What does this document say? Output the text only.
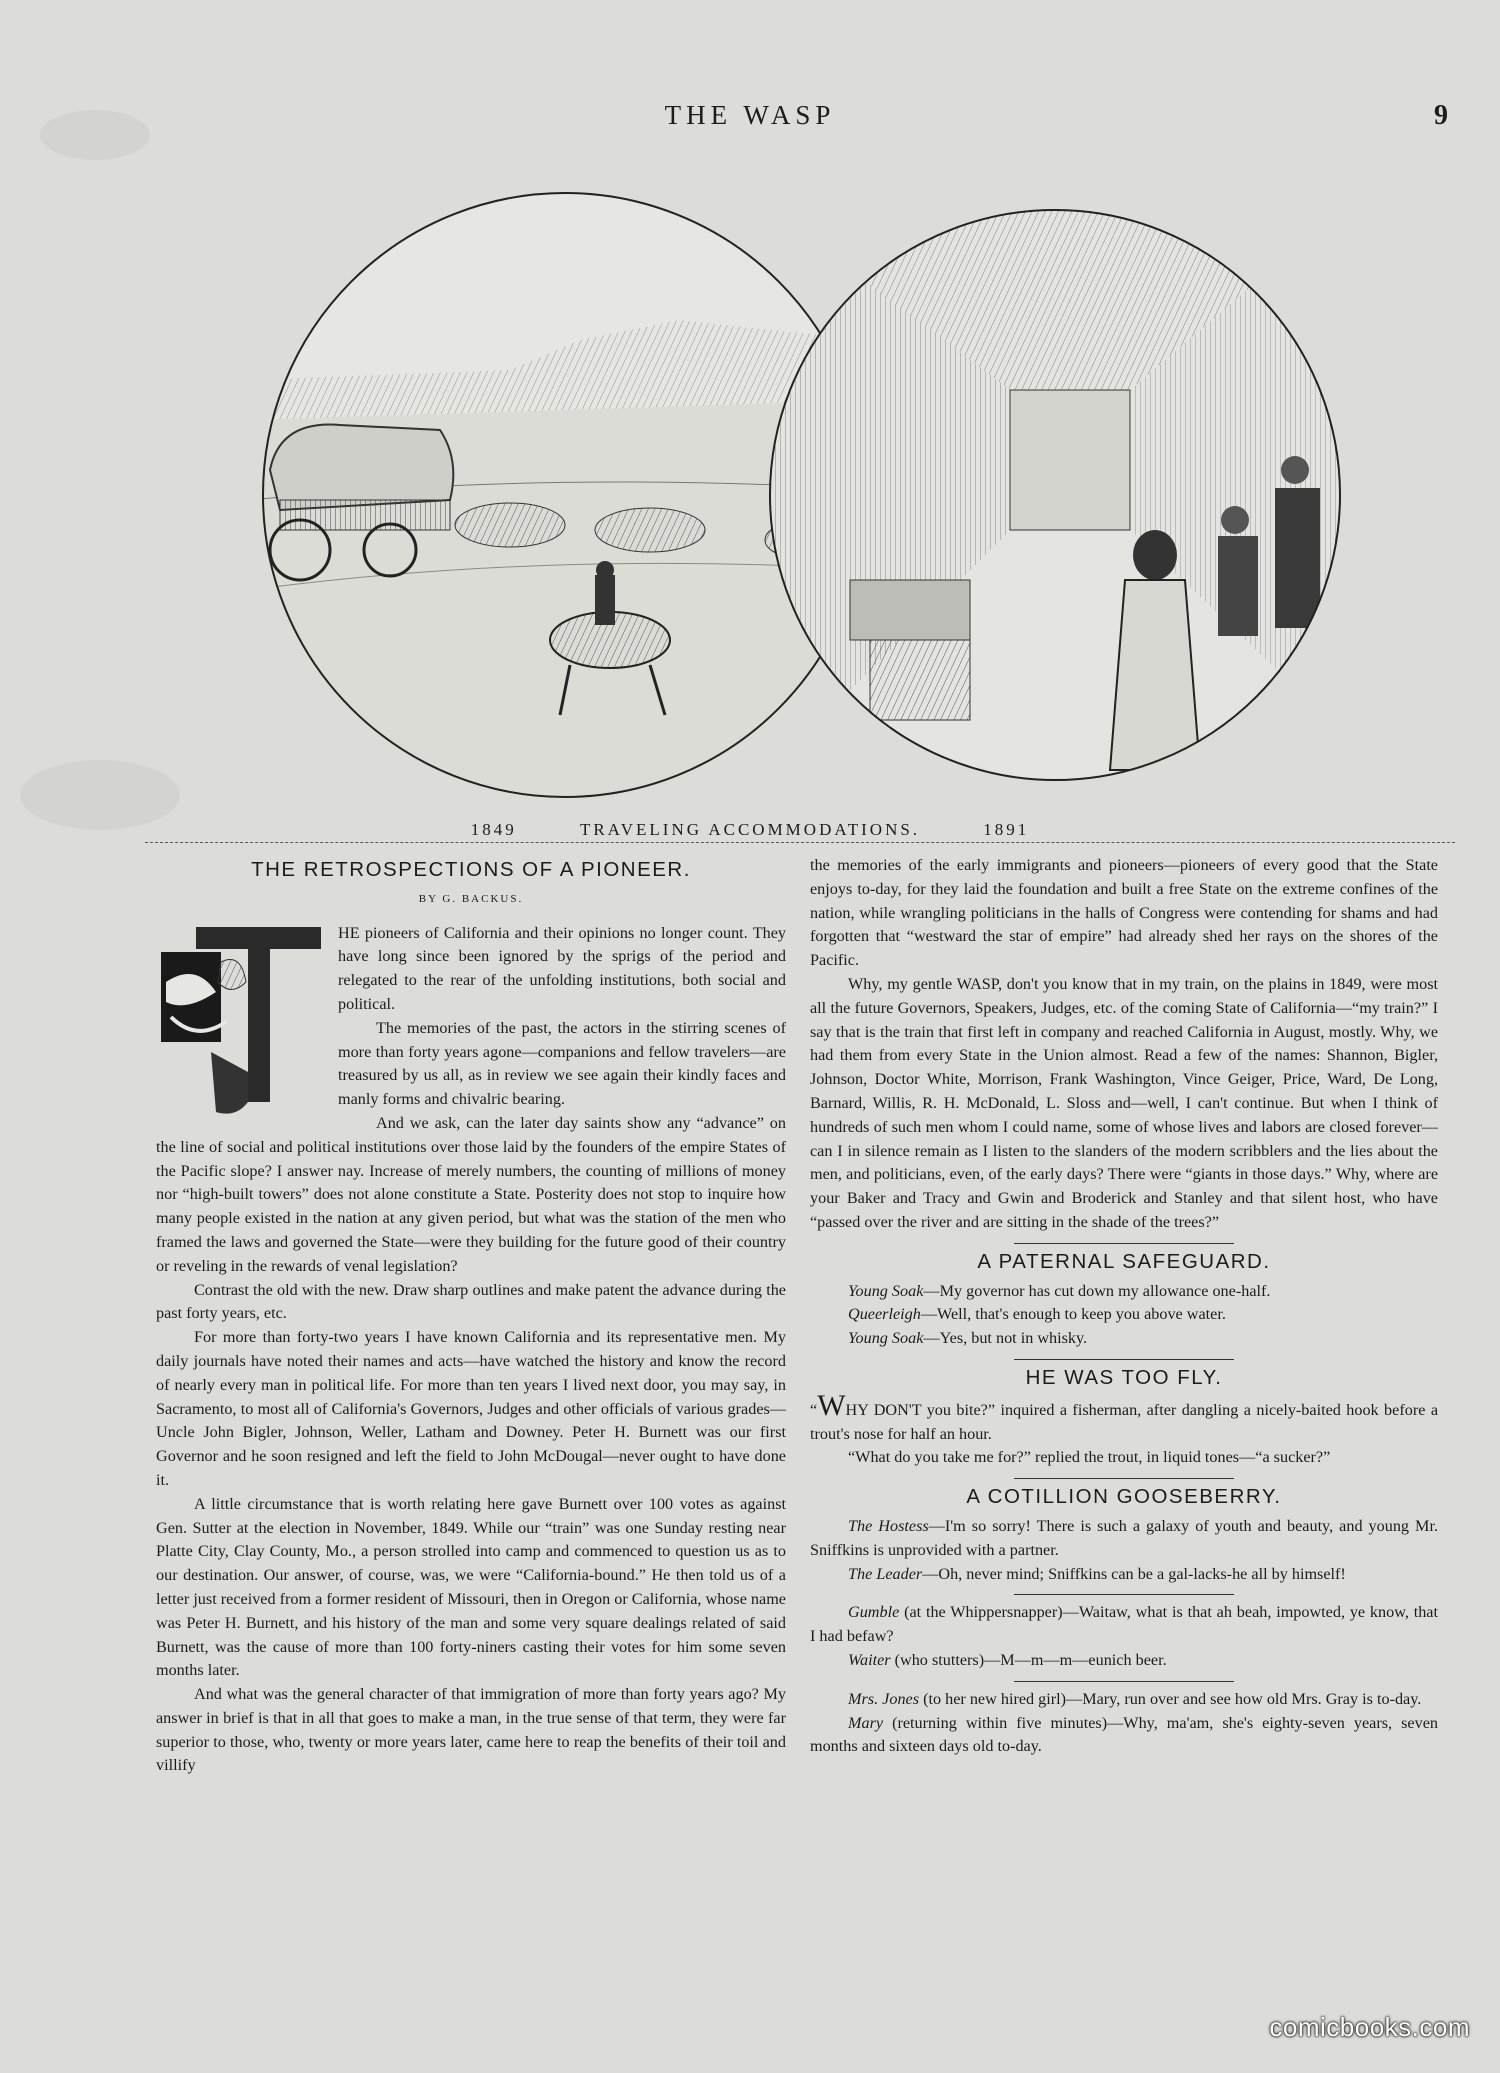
THE WASP	9
1849	TRAVELING ACCOMMODATIONS.	1891
THE RETROSPECTIONS OF A PIONEER.
BY G. BACKUS.

HE pioneers of California and their opinions no longer count. They have long since been ignored by the sprigs of the period and relegated to the rear of the unfolding institutions, both social and political.

The memories of the past, the actors in the stirring scenes of more than forty years agone—companions and fellow travelers—are treasured by us all, as in review we see again their kindly faces and manly forms and chivalric bearing.

And we ask, can the later day saints show any “advance” on the line of social and political institutions over those laid by the founders of the empire States of the Pacific slope? I answer nay. Increase of merely numbers, the counting of millions of money nor “high-built towers” does not alone constitute a State. Posterity does not stop to inquire how many people existed in the nation at any given period, but what was the station of the men who framed the laws and governed the State—were they building for the future good of their country or reveling in the rewards of venal legislation?

Contrast the old with the new. Draw sharp outlines and make patent the advance during the past forty years, etc.

For more than forty-two years I have known California and its representative men. My daily journals have noted their names and acts—have watched the history and know the record of nearly every man in political life. For more than ten years I lived next door, you may say, in Sacramento, to most all of California's Governors, Judges and other officials of various grades—Uncle John Bigler, Johnson, Weller, Latham and Downey. Peter H. Burnett was our first Governor and he soon resigned and left the field to John McDougal—never ought to have done it.

A little circumstance that is worth relating here gave Burnett over 100 votes as against Gen. Sutter at the election in November, 1849. While our “train” was one Sunday resting near Platte City, Clay County, Mo., a person strolled into camp and commenced to question us as to our destination. Our answer, of course, was, we were “California-bound.” He then told us of a letter just received from a former resident of Missouri, then in Oregon or California, whose name was Peter H. Burnett, and his history of the man and some very square dealings related of said Burnett, was the cause of more than 100 forty-niners casting their votes for him some seven months later.

And what was the general character of that immigration of more than forty years ago? My answer in brief is that in all that goes to make a man, in the true sense of that term, they were far superior to those, who, twenty or more years later, came here to reap the benefits of their toil and villify

the memories of the early immigrants and pioneers—pioneers of every good that the State enjoys to-day, for they laid the foundation and built a free State on the extreme confines of the nation, while wrangling politicians in the halls of Congress were contending for shams and had forgotten that “westward the star of empire” had already shed her rays on the shores of the Pacific.

Why, my gentle WASP, don't you know that in my train, on the plains in 1849, were most all the future Governors, Speakers, Judges, etc. of the coming State of California—“my train?” I say that is the train that first left in company and reached California in August, mostly. Why, we had them from every State in the Union almost. Read a few of the names: Shannon, Bigler, Johnson, Doctor White, Morrison, Frank Washington, Vince Geiger, Price, Ward, De Long, Barnard, Willis, R. H. McDonald, L. Sloss and—well, I can't continue. But when I think of hundreds of such men whom I could name, some of whose lives and labors are closed forever—can I in silence remain as I listen to the slanders of the modern scribblers and the lies about the men, and politicians, even, of the early days? There were “giants in those days.” Why, where are your Baker and Tracy and Gwin and Broderick and Stanley and that silent host, who have “passed over the river and are sitting in the shade of the trees?”

A PATERNAL SAFEGUARD.

Young Soak—My governor has cut down my allowance one-half.

Queerleigh—Well, that's enough to keep you above water.

Young Soak—Yes, but not in whisky.

HE WAS TOO FLY.

“WHY DON'T you bite?” inquired a fisherman, after dangling a nicely-baited hook before a trout's nose for half an hour.

“What do you take me for?” replied the trout, in liquid tones—“a sucker?”

A COTILLION GOOSEBERRY.

The Hostess—I'm so sorry! There is such a galaxy of youth and beauty, and young Mr. Sniffkins is unprovided with a partner.

The Leader—Oh, never mind; Sniffkins can be a gal-lacks-he all by himself!

Gumble (at the Whippersnapper)—Waitaw, what is that ah beah, impowted, ye know, that I had befaw?

Waiter (who stutters)—M—m—m—eunich beer.

Mrs. Jones (to her new hired girl)—Mary, run over and see how old Mrs. Gray is to-day.

Mary (returning within five minutes)—Why, ma'am, she's eighty-seven years, seven months and sixteen days old to-day.

comicbooks.com
